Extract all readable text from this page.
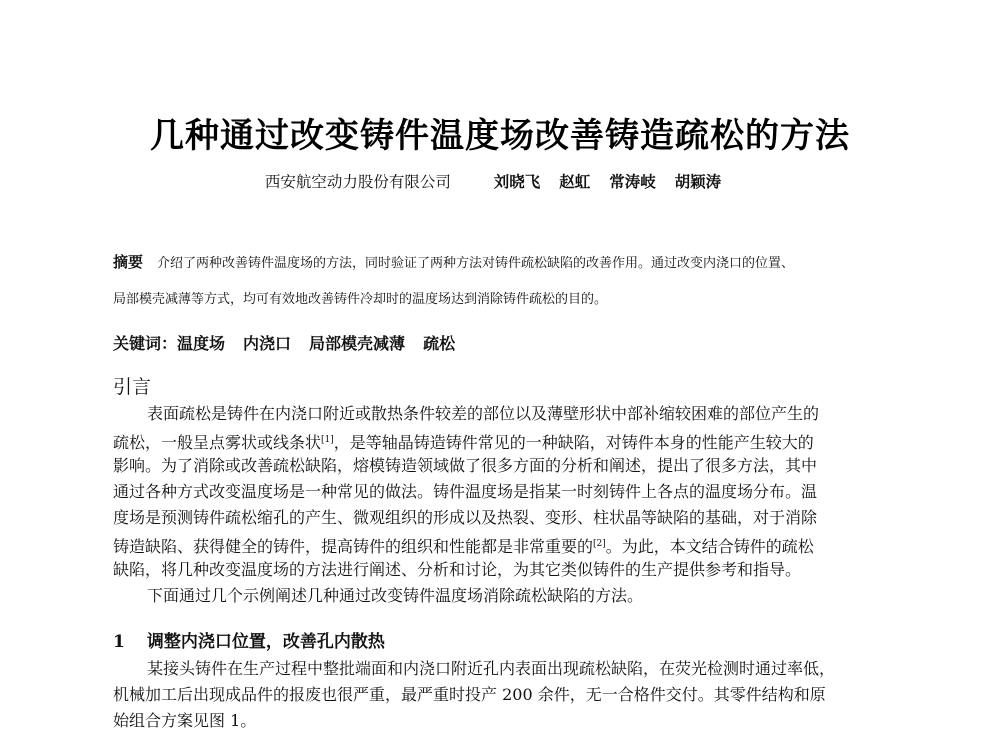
几种通过改变铸件温度场改善铸造疏松的方法
西安航空动力股份有限公司	刘晓飞 赵虹 常涛岐 胡颖涛
摘要 介绍了两种改善铸件温度场的方法，同时验证了两种方法对铸件疏松缺陷的改善作用。通过改变内浇口的位置、
局部模壳减薄等方式，均可有效地改善铸件冷却时的温度场达到消除铸件疏松的目的。
关键词：温度场 内浇口 局部模壳减薄 疏松
引言
表面疏松是铸件在内浇口附近或散热条件较差的部位以及薄壁形状中部补缩较困难的部位产生的
疏松，一般呈点雾状或线条状[1]，是等轴晶铸造铸件常见的一种缺陷，对铸件本身的性能产生较大的
影响。为了消除或改善疏松缺陷，熔模铸造领域做了很多方面的分析和阐述，提出了很多方法，其中
通过各种方式改变温度场是一种常见的做法。铸件温度场是指某一时刻铸件上各点的温度场分布。温
度场是预测铸件疏松缩孔的产生、微观组织的形成以及热裂、变形、柱状晶等缺陷的基础，对于消除
铸造缺陷、获得健全的铸件，提高铸件的组织和性能都是非常重要的[2]。为此，本文结合铸件的疏松
缺陷，将几种改变温度场的方法进行阐述、分析和讨论，为其它类似铸件的生产提供参考和指导。
下面通过几个示例阐述几种通过改变铸件温度场消除疏松缺陷的方法。
1 调整内浇口位置，改善孔内散热
某接头铸件在生产过程中整批端面和内浇口附近孔内表面出现疏松缺陷，在荧光检测时通过率低，
机械加工后出现成品件的报废也很严重，最严重时投产 200 余件，无一合格件交付。其零件结构和原
始组合方案见图 1。
